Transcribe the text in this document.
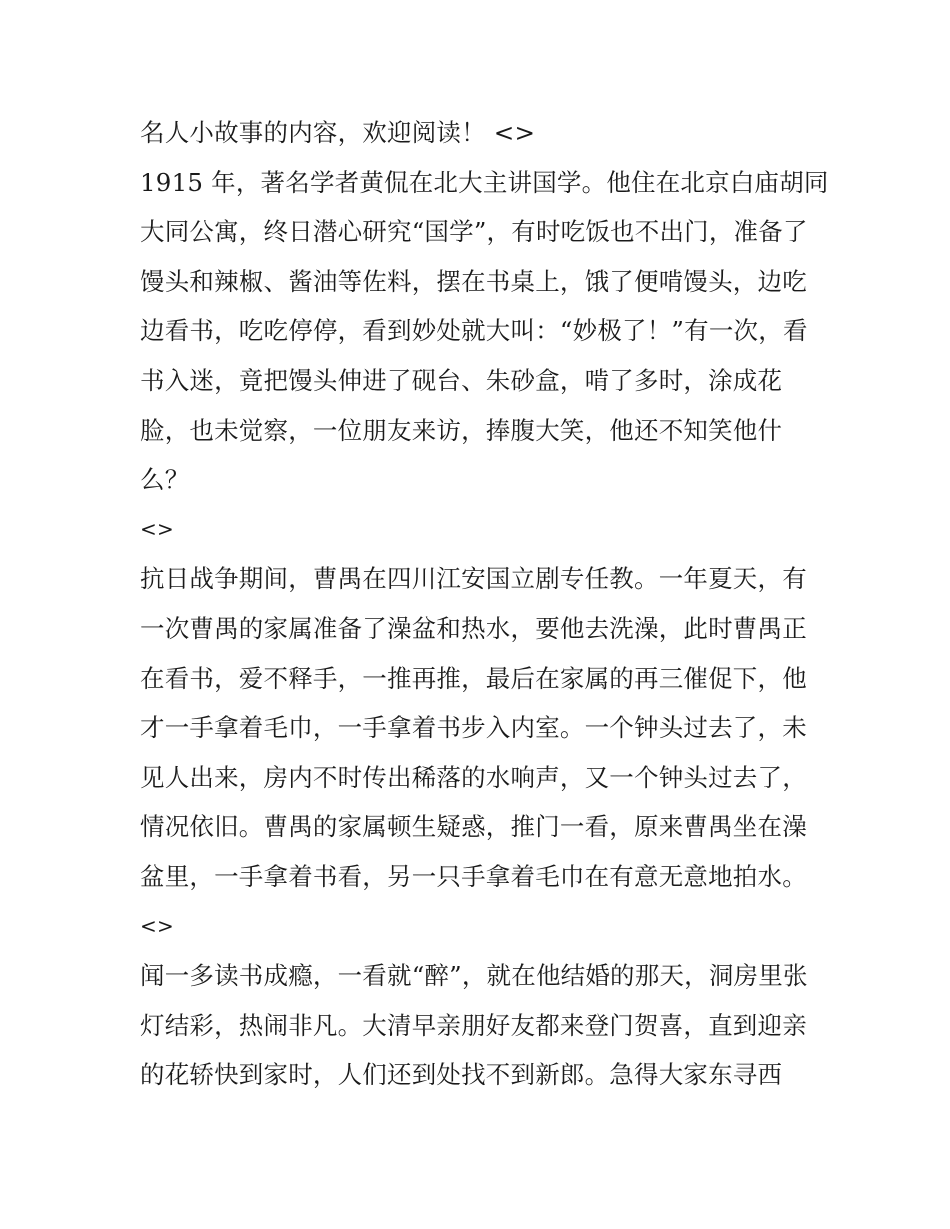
名人小故事的内容，欢迎阅读！ <>
1915 年，著名学者黄侃在北大主讲国学。他住在北京白庙胡同
大同公寓，终日潜心研究“国学”，有时吃饭也不出门，准备了
馒头和辣椒、酱油等佐料，摆在书桌上，饿了便啃馒头，边吃
边看书，吃吃停停，看到妙处就大叫：“妙极了！”有一次，看
书入迷，竟把馒头伸进了砚台、朱砂盒，啃了多时，涂成花
脸，也未觉察，一位朋友来访，捧腹大笑，他还不知笑他什
么？
<>
抗日战争期间，曹禺在四川江安国立剧专任教。一年夏天，有
一次曹禺的家属准备了澡盆和热水，要他去洗澡，此时曹禺正
在看书，爱不释手，一推再推，最后在家属的再三催促下，他
才一手拿着毛巾，一手拿着书步入内室。一个钟头过去了，未
见人出来，房内不时传出稀落的水响声，又一个钟头过去了，
情况依旧。曹禺的家属顿生疑惑，推门一看，原来曹禺坐在澡
盆里，一手拿着书看，另一只手拿着毛巾在有意无意地拍水。
<>
闻一多读书成瘾，一看就“醉”，就在他结婚的那天，洞房里张
灯结彩，热闹非凡。大清早亲朋好友都来登门贺喜，直到迎亲
的花轿快到家时，人们还到处找不到新郎。急得大家东寻西
